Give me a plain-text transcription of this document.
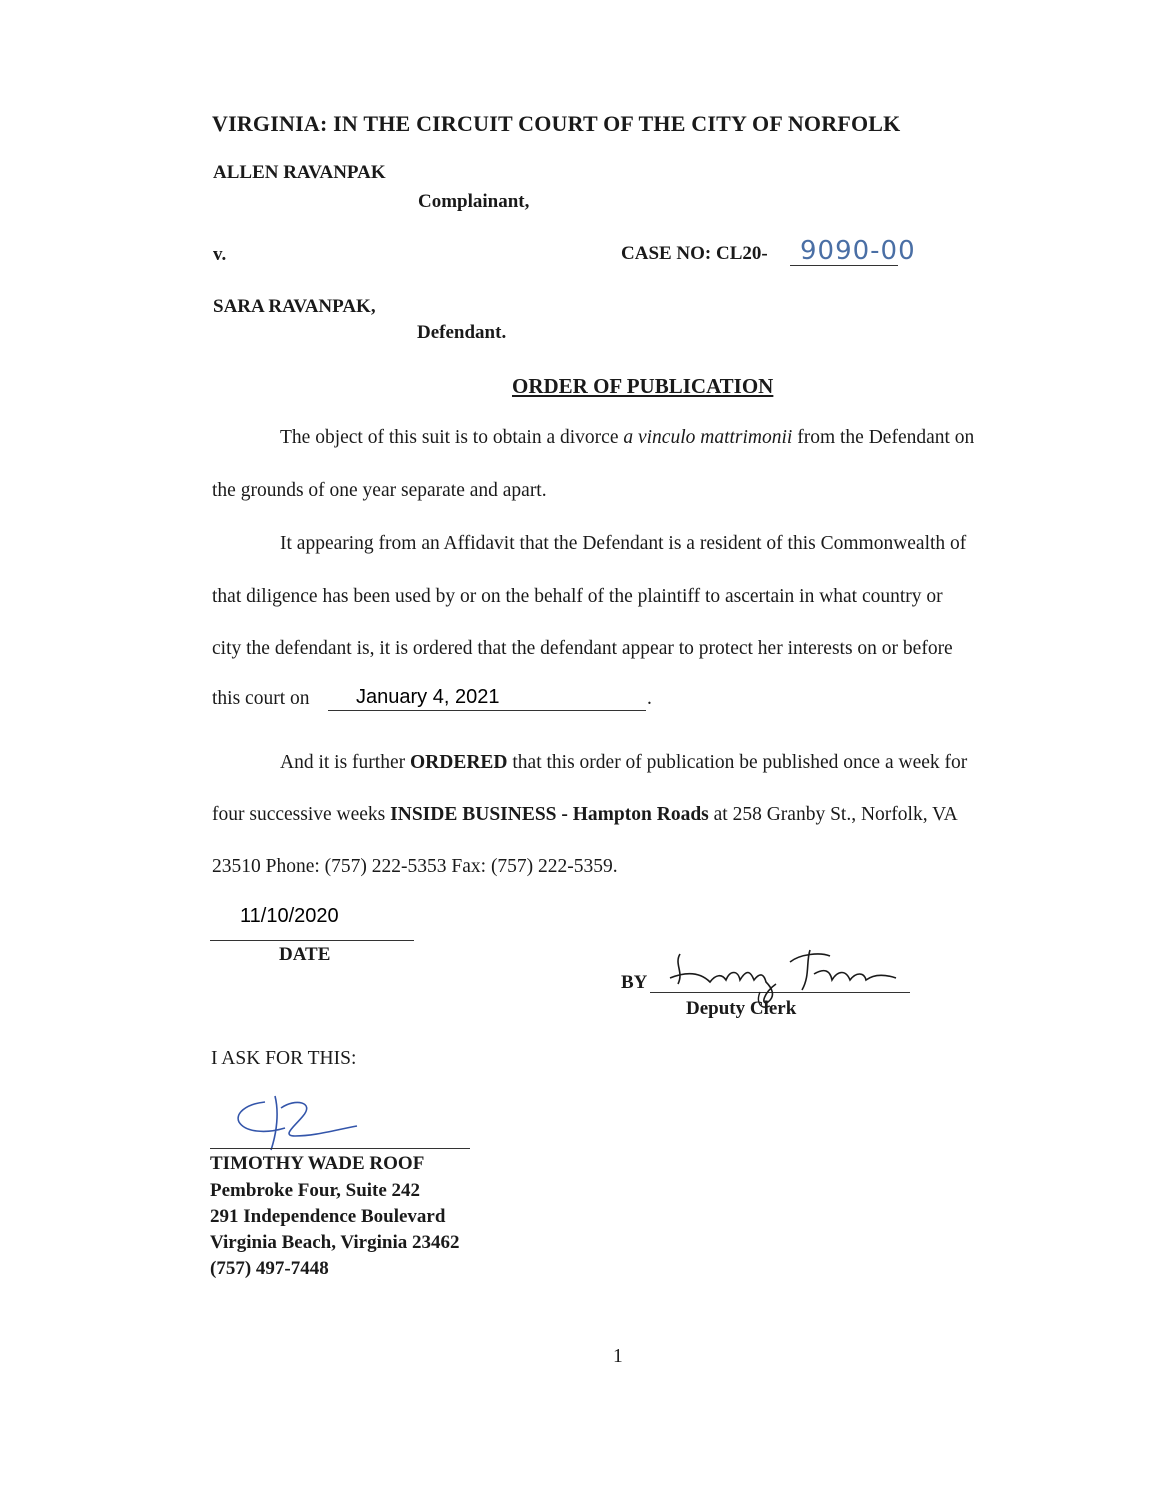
VIRGINIA: IN THE CIRCUIT COURT OF THE CITY OF NORFOLK
ALLEN RAVANPAK
Complainant,
v.	CASE NO: CL20- 9090-00
SARA RAVANPAK,
Defendant.
ORDER OF PUBLICATION
The object of this suit is to obtain a divorce a vinculo mattrimonii from the Defendant on
the grounds of one year separate and apart.
It appearing from an Affidavit that the Defendant is a resident of this Commonwealth of
that diligence has been used by or on the behalf of the plaintiff to ascertain in what country or
city the defendant is, it is ordered that the defendant appear to protect her interests on or before
this court on January 4, 2021	.
And it is further ORDERED that this order of publication be published once a week for
four successive weeks INSIDE BUSINESS - Hampton Roads at 258 Granby St., Norfolk, VA
23510 Phone: (757) 222-5353 Fax: (757) 222-5359.
11/10/2020
DATE
BY
Deputy Clerk
I ASK FOR THIS:
TIMOTHY WADE ROOF
Pembroke Four, Suite 242
291 Independence Boulevard
Virginia Beach, Virginia 23462
(757) 497-7448
1
